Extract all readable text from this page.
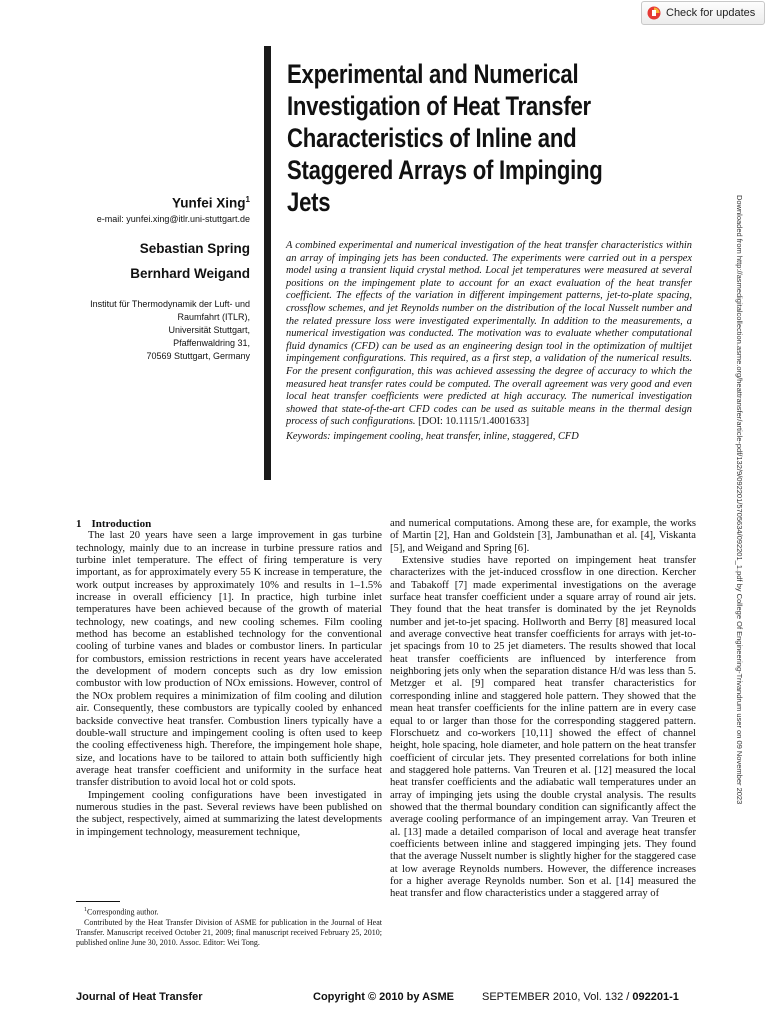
Check for updates
Experimental and Numerical Investigation of Heat Transfer Characteristics of Inline and Staggered Arrays of Impinging Jets
Yunfei Xing$^1$
e-mail: yunfei.xing@itlr.uni-stuttgart.de
Sebastian Spring
Bernhard Weigand
Institut für Thermodynamik der Luft- und
Raumfahrt (ITLR),
Universität Stuttgart,
Pfaffenwaldring 31,
70569 Stuttgart, Germany

A combined experimental and numerical investigation of the heat transfer characteristics within an array of impinging jets has been conducted. The experiments were carried out in a perspex model using a transient liquid crystal method. Local jet temperatures were measured at several positions on the impingement plate to account for an exact evaluation of the heat transfer coefficient. The effects of the variation in different impingement patterns, jet-to-plate spacing, crossflow schemes, and jet Reynolds number on the distribution of the local Nusselt number and the related pressure loss were investigated experimentally. In addition to the measurements, a numerical investigation was conducted. The motivation was to evaluate whether computational fluid dynamics (CFD) can be used as an engineering design tool in the optimization of multijet impingement configurations. This required, as a first step, a validation of the numerical results. For the present configuration, this was achieved assessing the degree of accuracy to which the measured heat transfer rates could be computed. The overall agreement was very good and even local heat transfer coefficients were predicted at high accuracy. The numerical investigation showed that state-of-the-art CFD codes can be used as suitable means in the thermal design process of such configurations. [DOI: 10.1115/1.4001633]

Keywords: impingement cooling, heat transfer, inline, staggered, CFD	Downloaded from http://asmedigitalcollection.asme.org/heattransfer/article-pdf/132/9/092201/5705634/092201_1.pdf by College Of Engineering-Trivandrum user on 09 November 2023

1 Introduction

The last 20 years have seen a large improvement in gas turbine technology, mainly due to an increase in turbine pressure ratios and turbine inlet temperature. The effect of firing temperature is very important, as for approximately every 55 K increase in temperature, the work output increases by approximately 10% and results in 1–1.5% increase in overall efficiency [1]. In practice, high turbine inlet temperatures have been achieved because of the growth of material technology, new coatings, and new cooling schemes. Film cooling method has become an established technology for the conventional cooling of turbine vanes and blades or combustor liners. In particular for combustors, emission restrictions in recent years have accelerated the development of modern concepts such as dry low emission combustor with low production of NOx emissions. However, control of the NOx problem requires a minimization of film cooling and dilution air. Consequently, these combustors are typically cooled by enhanced backside convective heat transfer. Combustion liners typically have a double-wall structure and impingement cooling is often used to keep the cooling effectiveness high. Therefore, the impingement hole shape, size, and locations have to be tailored to attain both sufficiently high average heat transfer coefficient and uniformity in the surface heat transfer distribution to avoid local hot or cold spots.

Impingement cooling configurations have been investigated in numerous studies in the past. Several reviews have been published on the subject, respectively, aimed at summarizing the latest developments in impingement technology, measurement technique,

and numerical computations. Among these are, for example, the works of Martin [2], Han and Goldstein [3], Jambunathan et al. [4], Viskanta [5], and Weigand and Spring [6].

Extensive studies have reported on impingement heat transfer characterizes with the jet-induced crossflow in one direction. Kercher and Tabakoff [7] made experimental investigations on the average surface heat transfer coefficient under a square array of round air jets. They found that the heat transfer is dominated by the jet Reynolds number and jet-to-jet spacing. Hollworth and Berry [8] measured local and average convective heat transfer coefficients for arrays with jet-to-jet spacings from 10 to 25 jet diameters. The results showed that local heat transfer coefficients are influenced by interference from neighboring jets only when the separation distance H/d was less than 5. Metzger et al. [9] compared heat transfer characteristics for corresponding inline and staggered hole pattern. They showed that the mean heat transfer coefficients for the inline pattern are in every case equal to or larger than those for the corresponding staggered pattern. Florschuetz and co-workers [10,11] showed the effect of channel height, hole spacing, hole diameter, and hole pattern on the heat transfer coefficient of circular jets. They presented correlations for both inline and staggered hole patterns. Van Treuren et al. [12] measured the local heat transfer coefficients and the adiabatic wall temperatures under an array of impinging jets using the double crystal analysis. The results showed that the thermal boundary condition can significantly affect the average cooling performance of an impingement array. Van Treuren et al. [13] made a detailed comparison of local and average heat transfer coefficients between inline and staggered impinging jets. They found that the average Nusselt number is slightly higher for the staggered case at low average Reynolds numbers. However, the difference increases for a higher average Reynolds number. Son et al. [14] measured the heat transfer and flow characteristics under a staggered array of

$^1$Corresponding author.

Contributed by the Heat Transfer Division of ASME for publication in the Journal of Heat Transfer. Manuscript received October 21, 2009; final manuscript received February 25, 2010; published online June 30, 2010. Assoc. Editor: Wei Tong.

Journal of Heat Transfer	Copyright © 2010 by ASME	SEPTEMBER 2010, Vol. 132 / 092201-1
